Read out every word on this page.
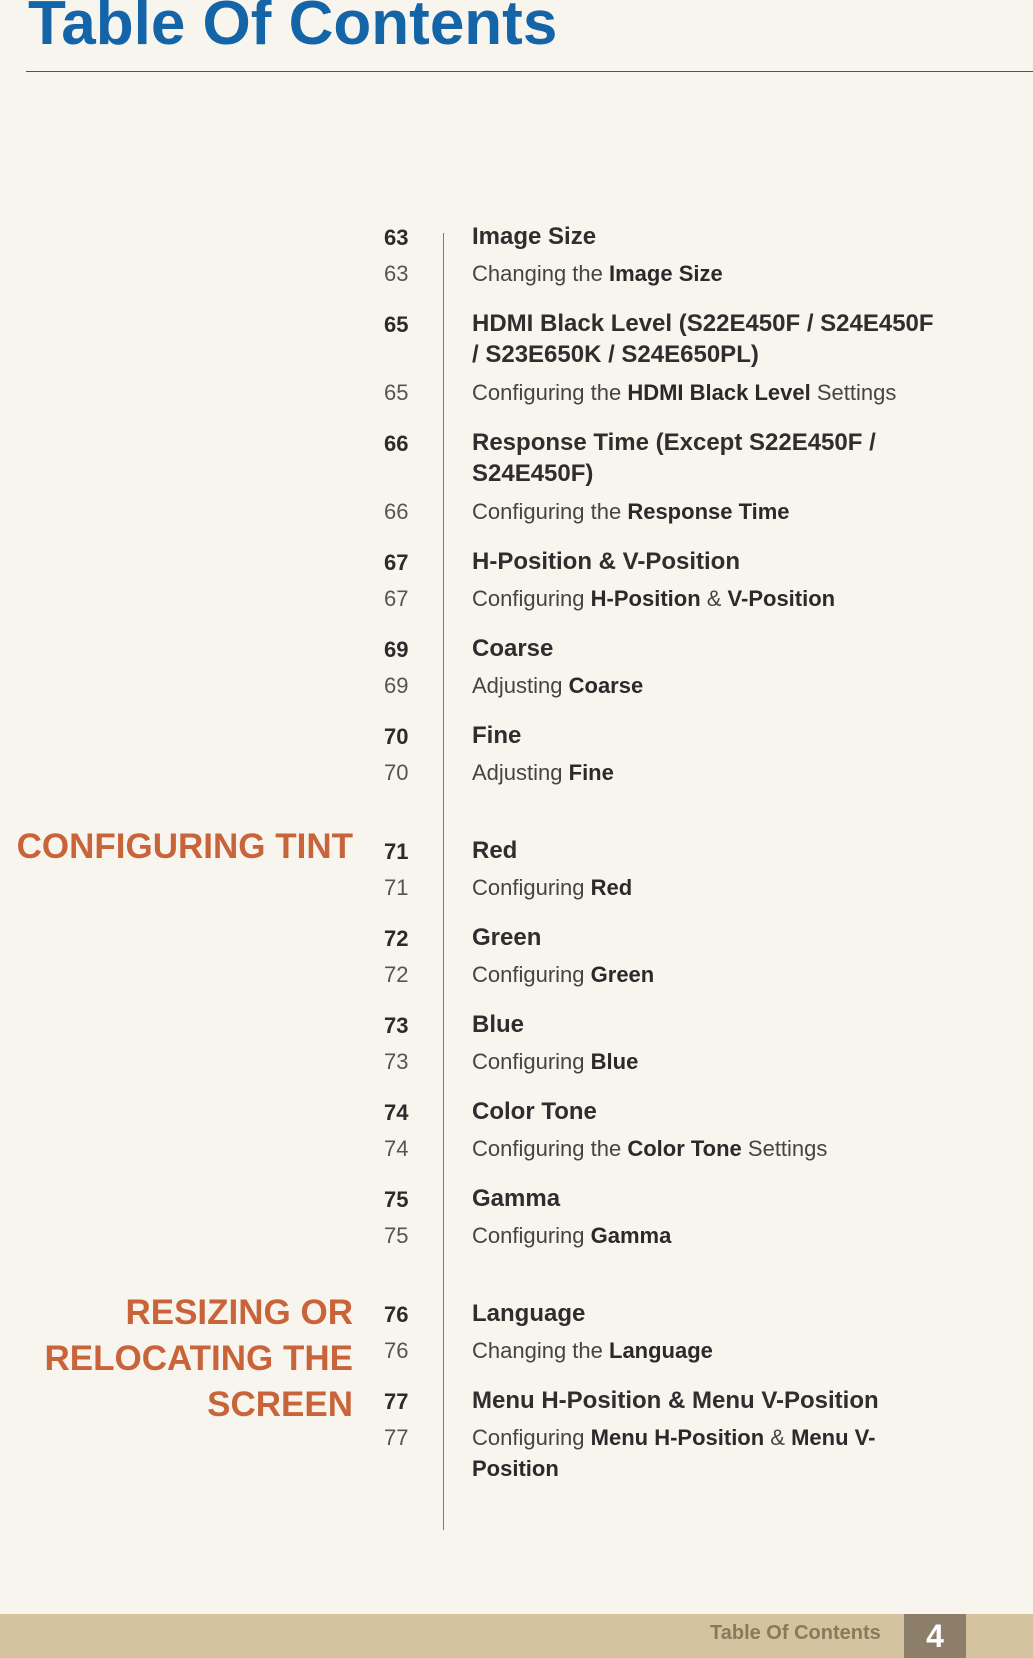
Table Of Contents
CONFIGURING TINT
RESIZING OR
RELOCATING THE
SCREEN
63	Image Size
63	Changing the Image Size
65	HDMI Black Level (S22E450F / S24E450F
/ S23E650K / S24E650PL)
65	Configuring the HDMI Black Level Settings
66	Response Time (Except S22E450F /
S24E450F)
66	Configuring the Response Time
67	H-Position & V-Position
67	Configuring H-Position & V-Position
69	Coarse
69	Adjusting Coarse
70	Fine
70	Adjusting Fine
71	Red
71	Configuring Red
72	Green
72	Configuring Green
73	Blue
73	Configuring Blue
74	Color Tone
74	Configuring the Color Tone Settings
75	Gamma
75	Configuring Gamma
76	Language
76	Changing the Language
77	Menu H-Position & Menu V-Position
77	Configuring Menu H-Position & Menu V-
Position
Table Of Contents	4
